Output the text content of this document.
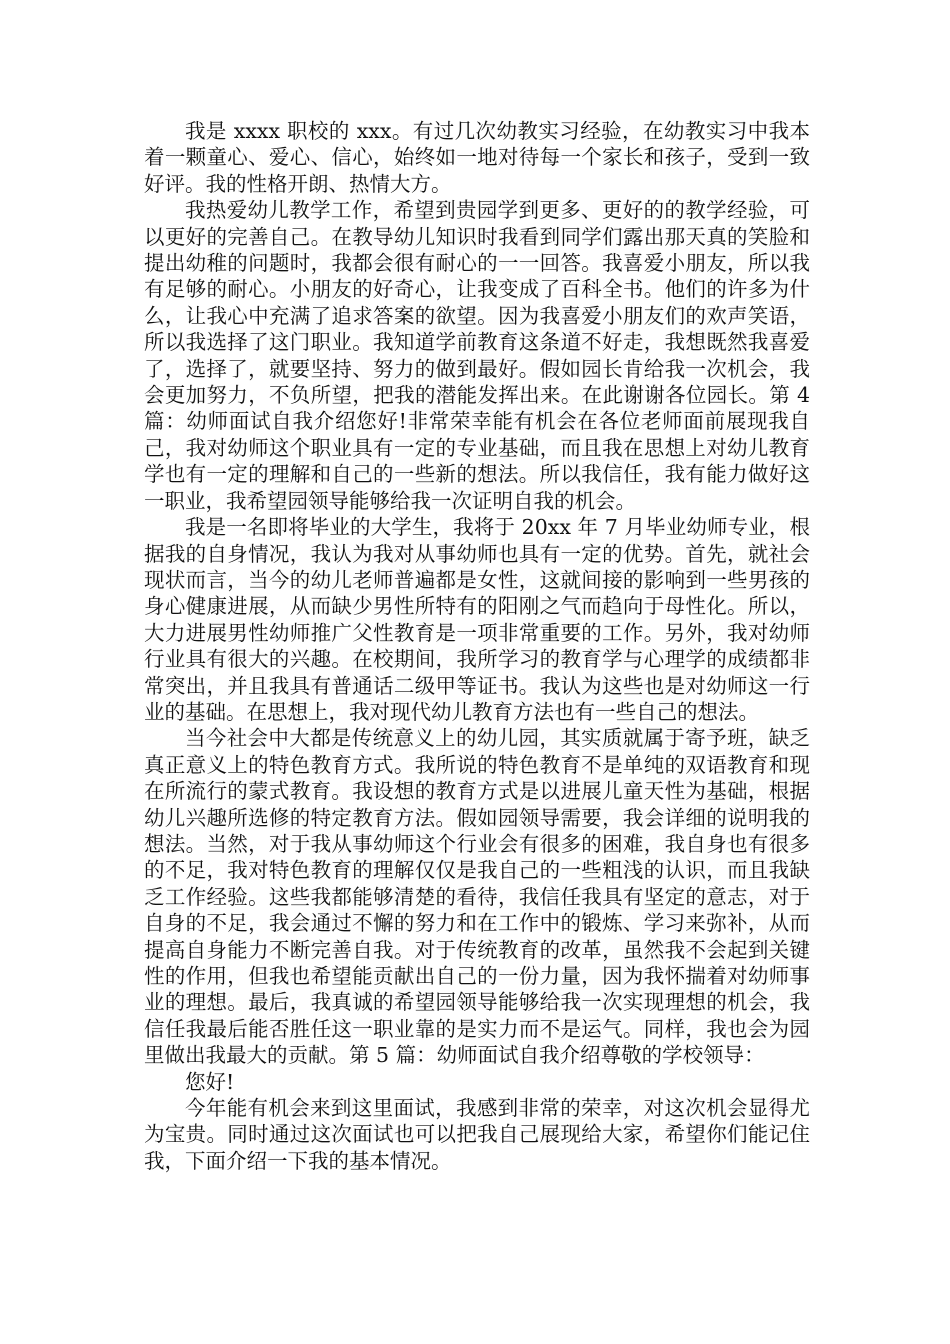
我是 xxxx 职校的 xxx。有过几次幼教实习经验，在幼教实习中我本着一颗童心、爱心、信心，始终如一地对待每一个家长和孩子，受到一致好评。我的性格开朗、热情大方。

我热爱幼儿教学工作，希望到贵园学到更多、更好的的教学经验，可以更好的完善自己。在教导幼儿知识时我看到同学们露出那天真的笑脸和提出幼稚的问题时，我都会很有耐心的一一回答。我喜爱小朋友，所以我有足够的耐心。小朋友的好奇心，让我变成了百科全书。他们的许多为什么，让我心中充满了追求答案的欲望。因为我喜爱小朋友们的欢声笑语，所以我选择了这门职业。我知道学前教育这条道不好走，我想既然我喜爱了，选择了，就要坚持、努力的做到最好。假如园长肯给我一次机会，我会更加努力，不负所望，把我的潜能发挥出来。在此谢谢各位园长。第 4 篇：幼师面试自我介绍您好!非常荣幸能有机会在各位老师面前展现我自己，我对幼师这个职业具有一定的专业基础，而且我在思想上对幼儿教育学也有一定的理解和自己的一些新的想法。所以我信任，我有能力做好这一职业，我希望园领导能够给我一次证明自我的机会。

我是一名即将毕业的大学生，我将于 20xx 年 7 月毕业幼师专业，根据我的自身情况，我认为我对从事幼师也具有一定的优势。首先，就社会现状而言，当今的幼儿老师普遍都是女性，这就间接的影响到一些男孩的身心健康进展，从而缺少男性所特有的阳刚之气而趋向于母性化。所以，大力进展男性幼师推广父性教育是一项非常重要的工作。另外，我对幼师行业具有很大的兴趣。在校期间，我所学习的教育学与心理学的成绩都非常突出，并且我具有普通话二级甲等证书。我认为这些也是对幼师这一行业的基础。在思想上，我对现代幼儿教育方法也有一些自己的想法。

当今社会中大都是传统意义上的幼儿园，其实质就属于寄予班，缺乏真正意义上的特色教育方式。我所说的特色教育不是单纯的双语教育和现在所流行的蒙式教育。我设想的教育方式是以进展儿童天性为基础，根据幼儿兴趣所选修的特定教育方法。假如园领导需要，我会详细的说明我的想法。当然，对于我从事幼师这个行业会有很多的困难，我自身也有很多的不足，我对特色教育的理解仅仅是我自己的一些粗浅的认识，而且我缺乏工作经验。这些我都能够清楚的看待，我信任我具有坚定的意志，对于自身的不足，我会通过不懈的努力和在工作中的锻炼、学习来弥补，从而提高自身能力不断完善自我。对于传统教育的改革，虽然我不会起到关键性的作用，但我也希望能贡献出自己的一份力量，因为我怀揣着对幼师事业的理想。最后，我真诚的希望园领导能够给我一次实现理想的机会，我信任我最后能否胜任这一职业靠的是实力而不是运气。同样，我也会为园里做出我最大的贡献。第 5 篇：幼师面试自我介绍尊敬的学校领导：

您好!

今年能有机会来到这里面试，我感到非常的荣幸，对这次机会显得尤为宝贵。同时通过这次面试也可以把我自己展现给大家，希望你们能记住我，下面介绍一下我的基本情况。
